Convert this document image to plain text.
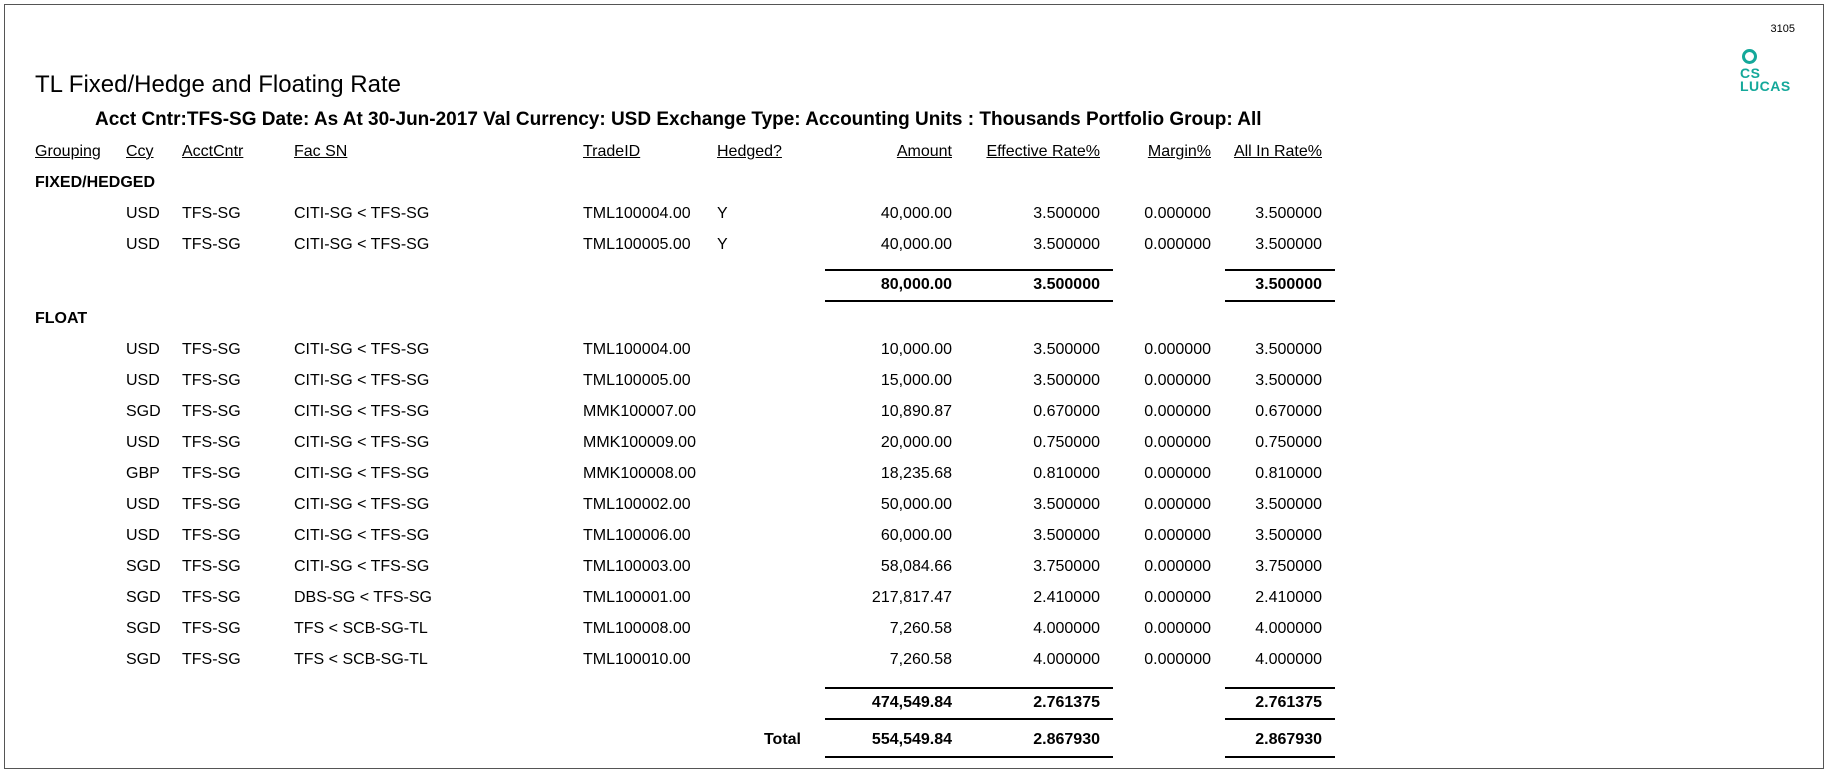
3105
CS
LUCAS
TL Fixed/Hedge and Floating Rate
Acct Cntr:TFS-SG Date: As At 30-Jun-2017 Val Currency: USD Exchange Type: Accounting Units : Thousands Portfolio Group: All
Grouping Ccy AcctCntr	Fac SN	TradeID	Hedged?	Amount Effective Rate%	Margin% All In Rate%
FIXED/HEDGED
USD TFS-SG	CITI-SG < TFS-SG	TML100004.00 Y	40,000.00	3.500000	0.000000	3.500000
USD TFS-SG	CITI-SG < TFS-SG	TML100005.00 Y	40,000.00	3.500000	0.000000	3.500000
80,000.00	3.500000	3.500000
FLOAT
USD TFS-SG	CITI-SG < TFS-SG	TML100004.00	10,000.00	3.500000	0.000000	3.500000
USD TFS-SG	CITI-SG < TFS-SG	TML100005.00	15,000.00	3.500000	0.000000	3.500000
SGD TFS-SG	CITI-SG < TFS-SG	MMK100007.00	10,890.87	0.670000	0.000000	0.670000
USD TFS-SG	CITI-SG < TFS-SG	MMK100009.00	20,000.00	0.750000	0.000000	0.750000
GBP TFS-SG	CITI-SG < TFS-SG	MMK100008.00	18,235.68	0.810000	0.000000	0.810000
USD TFS-SG	CITI-SG < TFS-SG	TML100002.00	50,000.00	3.500000	0.000000	3.500000
USD TFS-SG	CITI-SG < TFS-SG	TML100006.00	60,000.00	3.500000	0.000000	3.500000
SGD TFS-SG	CITI-SG < TFS-SG	TML100003.00	58,084.66	3.750000	0.000000	3.750000
SGD TFS-SG	DBS-SG < TFS-SG	TML100001.00	217,817.47	2.410000	0.000000	2.410000
SGD TFS-SG	TFS < SCB-SG-TL	TML100008.00	7,260.58	4.000000	0.000000	4.000000
SGD TFS-SG	TFS < SCB-SG-TL	TML100010.00	7,260.58	4.000000	0.000000	4.000000
474,549.84	2.761375	2.761375
Total	554,549.84	2.867930	2.867930
